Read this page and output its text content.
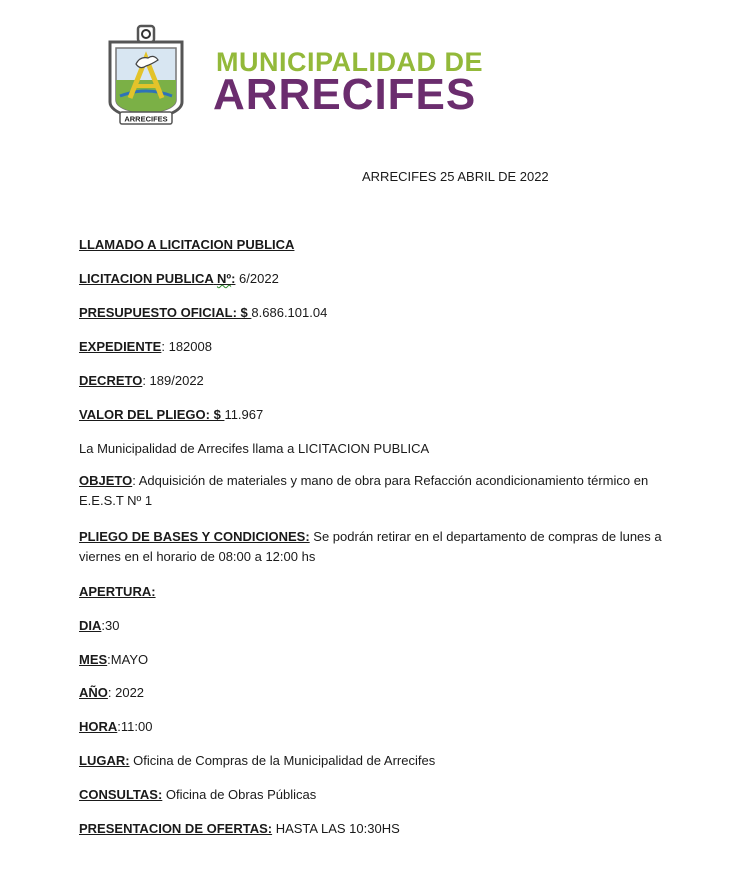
ARRECIFES
MUNICIPALIDAD DE
ARRECIFES
ARRECIFES 25 ABRIL DE 2022
LLAMADO A LICITACION PUBLICA
LICITACION PUBLICA Nº: 6/2022
PRESUPUESTO OFICIAL: $ 8.686.101.04
EXPEDIENTE: 182008
DECRETO: 189/2022
VALOR DEL PLIEGO: $ 11.967
La Municipalidad de Arrecifes llama a LICITACION PUBLICA
OBJETO: Adquisición de materiales y mano de obra para Refacción acondicionamiento térmico en E.E.S.T Nº 1
PLIEGO DE BASES Y CONDICIONES: Se podrán retirar en el departamento de compras de lunes a viernes en el horario de 08:00 a 12:00 hs
APERTURA:
DIA:30
MES:MAYO
AÑO: 2022
HORA:11:00
LUGAR: Oficina de Compras de la Municipalidad de Arrecifes
CONSULTAS: Oficina de Obras Públicas
PRESENTACION DE OFERTAS: HASTA LAS 10:30HS
